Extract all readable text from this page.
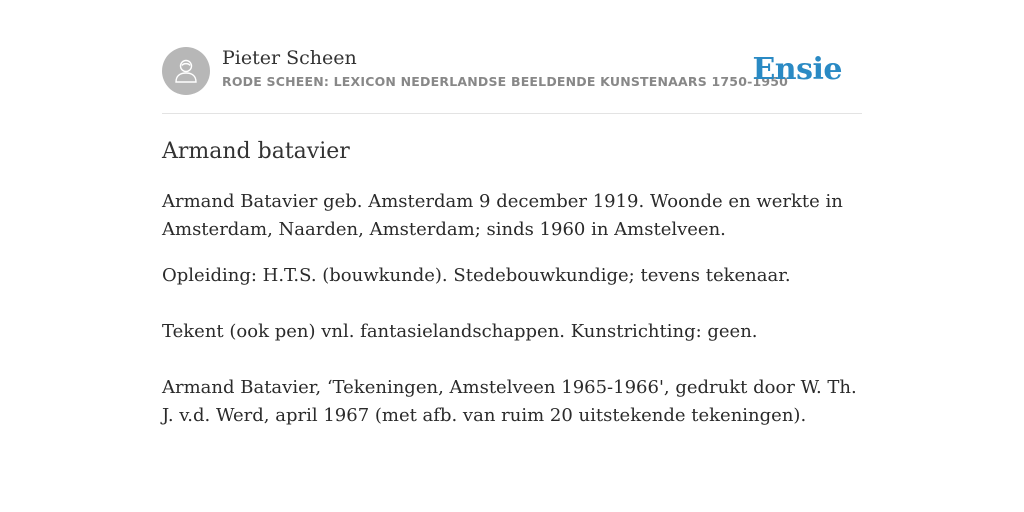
Pieter Scheen
RODE SCHEEN: LEXICON NEDERLANDSE BEELDENDE KUNSTENAARS 1750-1950
Ensie
Armand batavier

Armand Batavier geb. Amsterdam 9 december 1919. Woonde en werkte in Amsterdam, Naarden, Amsterdam; sinds 1960 in Amstelveen.

Opleiding: H.T.S. (bouwkunde). Stedebouwkundige; tevens tekenaar.

Tekent (ook pen) vnl. fantasielandschappen. Kunstrichting: geen.

Armand Batavier, ‘Tekeningen, Amstelveen 1965-1966', gedrukt door W. Th. J. v.d. Werd, april 1967 (met afb. van ruim 20 uitstekende tekeningen).
